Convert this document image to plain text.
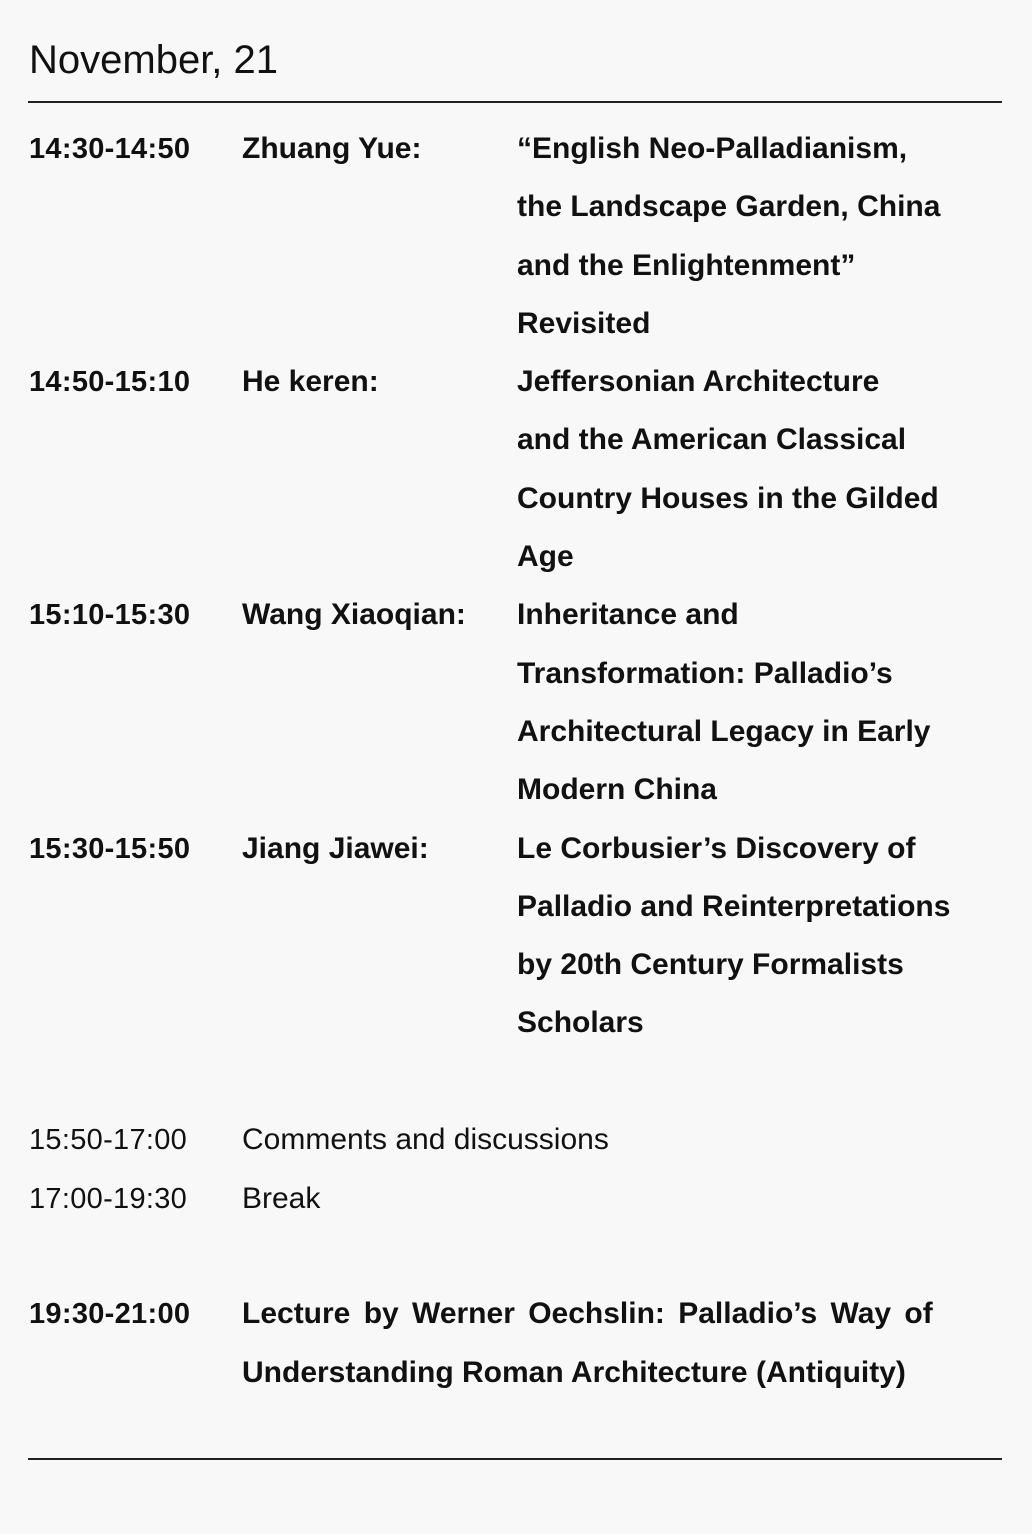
November, 21
14:30-14:50	Zhuang Yue:	“English Neo-Palladianism,
the Landscape Garden, China
and the Enlightenment”
Revisited
14:50-15:10	He keren:	Jeffersonian Architecture
and the American Classical
Country Houses in the Gilded
Age
15:10-15:30	Wang Xiaoqian:	Inheritance and
Transformation: Palladio’s
Architectural Legacy in Early
Modern China
15:30-15:50	Jiang Jiawei:	Le Corbusier’s Discovery of
Palladio and Reinterpretations
by 20th Century Formalists
Scholars
15:50-17:00	Comments and discussions
17:00-19:30	Break
19:30-21:00	Lecture by Werner Oechslin: Palladio’s Way of
Understanding Roman Architecture (Antiquity)
